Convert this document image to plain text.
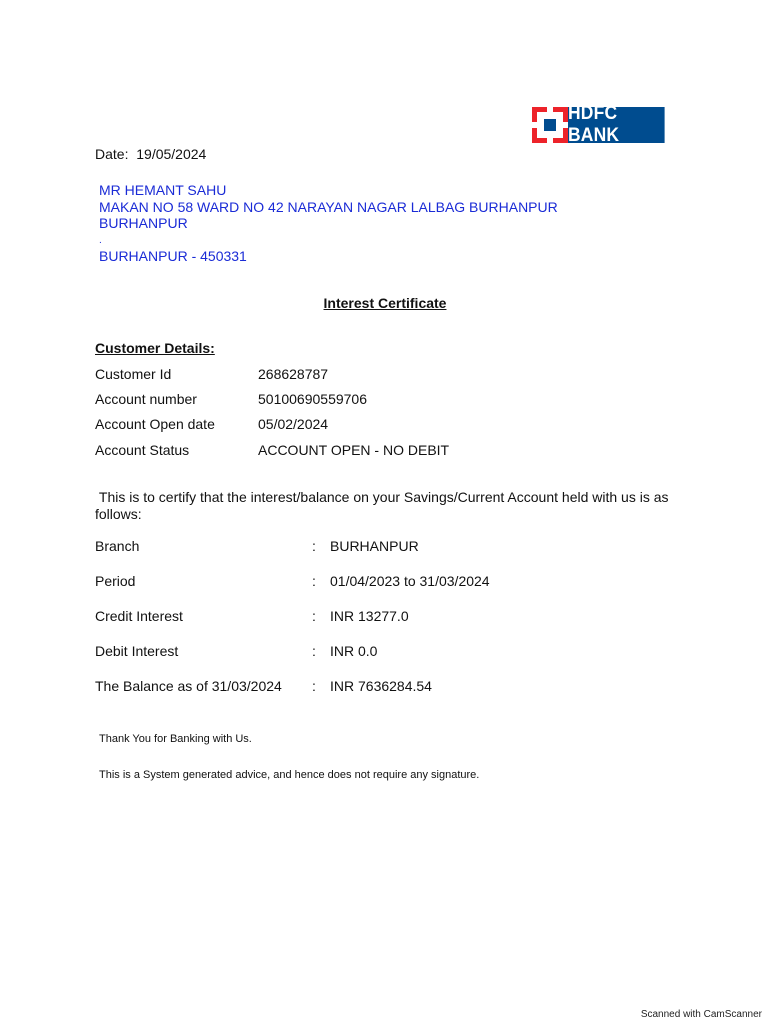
HDFC BANK
Date:  19/05/2024
MR HEMANT SAHU
MAKAN NO 58 WARD NO 42 NARAYAN NAGAR LALBAG BURHANPUR
BURHANPUR
.
BURHANPUR - 450331
Interest Certificate
Customer Details:
Customer Id	268628787
Account number	50100690559706
Account Open date	05/02/2024
Account Status	ACCOUNT OPEN - NO DEBIT
This is to certify that the interest/balance on your Savings/Current Account held with us is as follows:
Branch	: BURHANPUR
Period	: 01/04/2023 to 31/03/2024
Credit Interest	: INR 13277.0
Debit Interest	: INR 0.0
The Balance as of 31/03/2024 : INR 7636284.54
Thank You for Banking with Us.
This is a System generated advice, and hence does not require any signature.
Scanned with CamScanner
